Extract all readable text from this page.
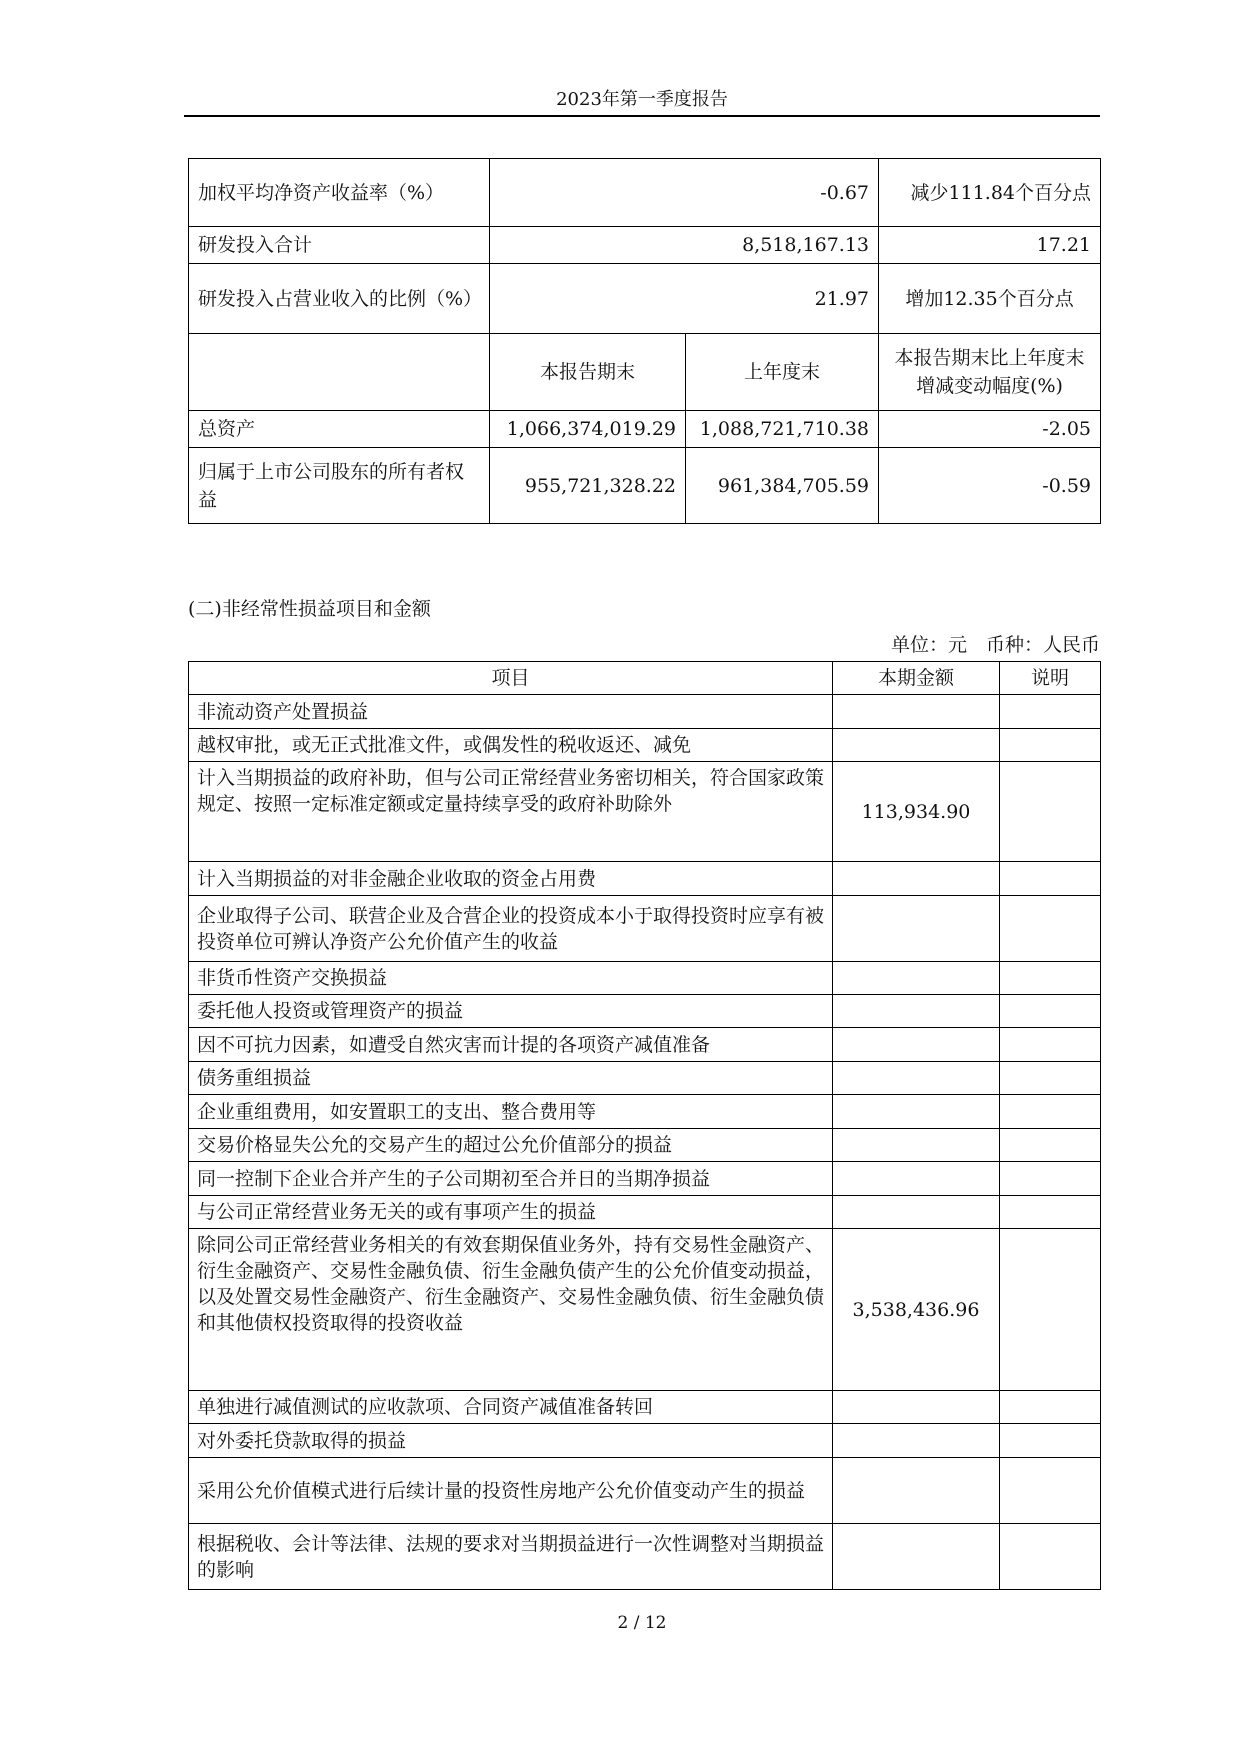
2023年第一季度报告
加权平均净资产收益率（%）	-0.67		减少111.84个百分点
研发投入合计	8,518,167.13		17.21
研发投入占营业收入的比例（%）	21.97		增加12.35个百分点
	本报告期末	上年度末	本报告期末比上年度末增减变动幅度(%)
总资产	1,066,374,019.29	1,088,721,710.38	-2.05
归属于上市公司股东的所有者权益	955,721,328.22	961,384,705.59	-0.59
(二)非经常性损益项目和金额
单位：元　币种：人民币
项目	本期金额	说明
非流动资产处置损益		
越权审批，或无正式批准文件，或偶发性的税收返还、减免		
计入当期损益的政府补助，但与公司正常经营业务密切相关，符合国家政策规定、按照一定标准定额或定量持续享受的政府补助除外	113,934.90	
计入当期损益的对非金融企业收取的资金占用费		
企业取得子公司、联营企业及合营企业的投资成本小于取得投资时应享有被投资单位可辨认净资产公允价值产生的收益		
非货币性资产交换损益		
委托他人投资或管理资产的损益		
因不可抗力因素，如遭受自然灾害而计提的各项资产减值准备		
债务重组损益		
企业重组费用，如安置职工的支出、整合费用等		
交易价格显失公允的交易产生的超过公允价值部分的损益		
同一控制下企业合并产生的子公司期初至合并日的当期净损益		
与公司正常经营业务无关的或有事项产生的损益		
除同公司正常经营业务相关的有效套期保值业务外，持有交易性金融资产、衍生金融资产、交易性金融负债、衍生金融负债产生的公允价值变动损益，以及处置交易性金融资产、衍生金融资产、交易性金融负债、衍生金融负债和其他债权投资取得的投资收益	3,538,436.96	
单独进行减值测试的应收款项、合同资产减值准备转回		
对外委托贷款取得的损益		
采用公允价值模式进行后续计量的投资性房地产公允价值变动产生的损益		
根据税收、会计等法律、法规的要求对当期损益进行一次性调整对当期损益的影响		
2 / 12
